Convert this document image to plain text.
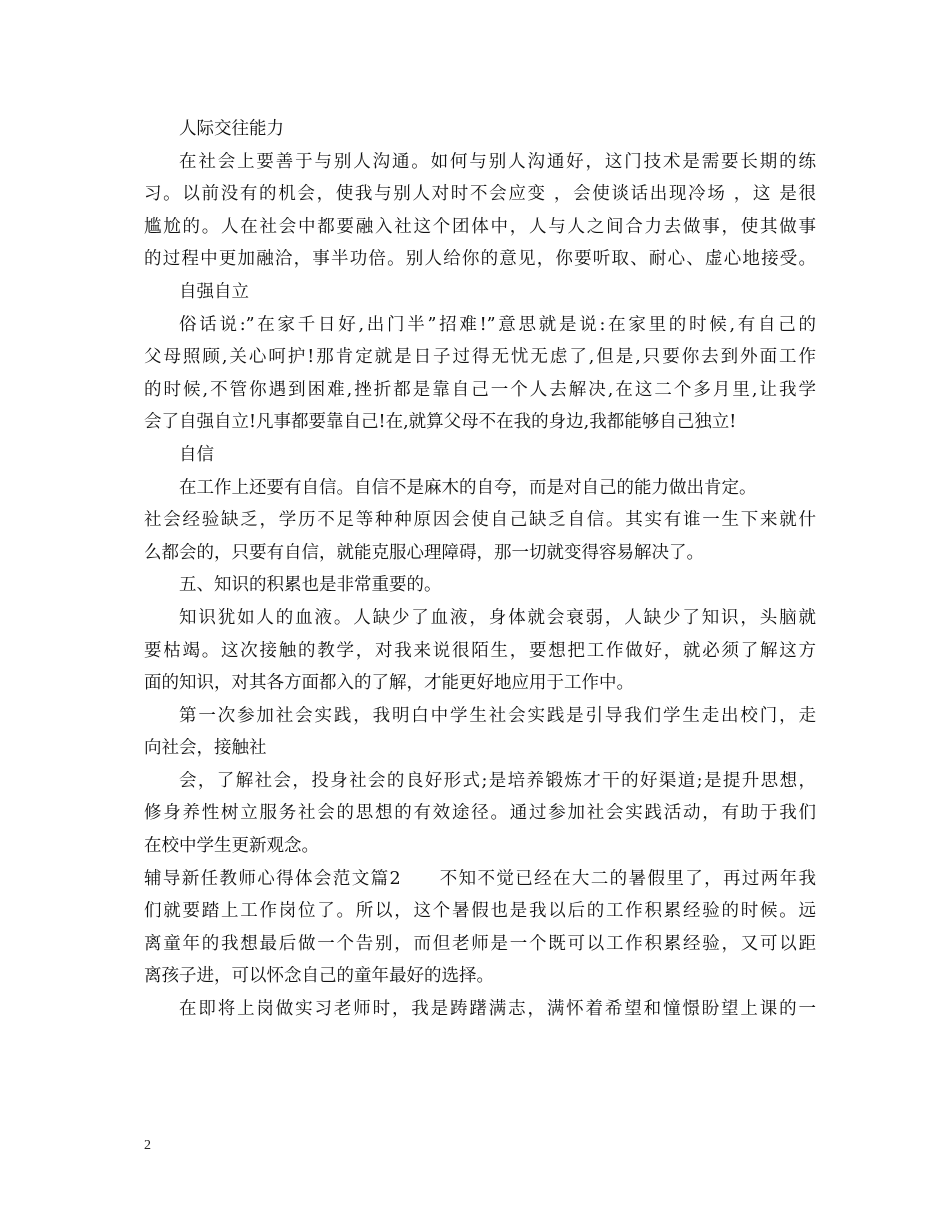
人际交往能力
在社会上要善于与别人沟通。如何与别人沟通好，这门技术是需要长期的练
习。以前没有的机会，使我与别人对时不会应变 ，会使谈话出现冷场 ，这 是很
尴尬的。人在社会中都要融入社这个团体中，人与人之间合力去做事，使其做事
的过程中更加融洽，事半功倍。别人给你的意见，你要听取、耐心、虚心地接受。
自强自立
俗话说:”在家千日好,出门半”招难!”意思就是说:在家里的时候,有自己的
父母照顾,关心呵护!那肯定就是日子过得无忧无虑了,但是,只要你去到外面工作
的时候,不管你遇到困难,挫折都是靠自己一个人去解决,在这二个多月里,让我学
会了自强自立!凡事都要靠自己!在,就算父母不在我的身边,我都能够自己独立!
自信
在工作上还要有自信。自信不是麻木的自夸，而是对自己的能力做出肯定。
社会经验缺乏，学历不足等种种原因会使自己缺乏自信。其实有谁一生下来就什
么都会的，只要有自信，就能克服心理障碍，那一切就变得容易解决了。
五、知识的积累也是非常重要的。
知识犹如人的血液。人缺少了血液，身体就会衰弱，人缺少了知识，头脑就
要枯竭。这次接触的教学，对我来说很陌生，要想把工作做好，就必须了解这方
面的知识，对其各方面都入的了解，才能更好地应用于工作中。
第一次参加社会实践，我明白中学生社会实践是引导我们学生走出校门，走
向社会，接触社
会，了解社会，投身社会的良好形式;是培养锻炼才干的好渠道;是提升思想，
修身养性树立服务社会的思想的有效途径。通过参加社会实践活动，有助于我们
在校中学生更新观念。
辅导新任教师心得体会范文篇2　　不知不觉已经在大二的暑假里了，再过两年我
们就要踏上工作岗位了。所以，这个暑假也是我以后的工作积累经验的时候。远
离童年的我想最后做一个告别，而但老师是一个既可以工作积累经验，又可以距
离孩子进，可以怀念自己的童年最好的选择。
在即将上岗做实习老师时，我是踌躇满志，满怀着希望和憧憬盼望上课的一
2
